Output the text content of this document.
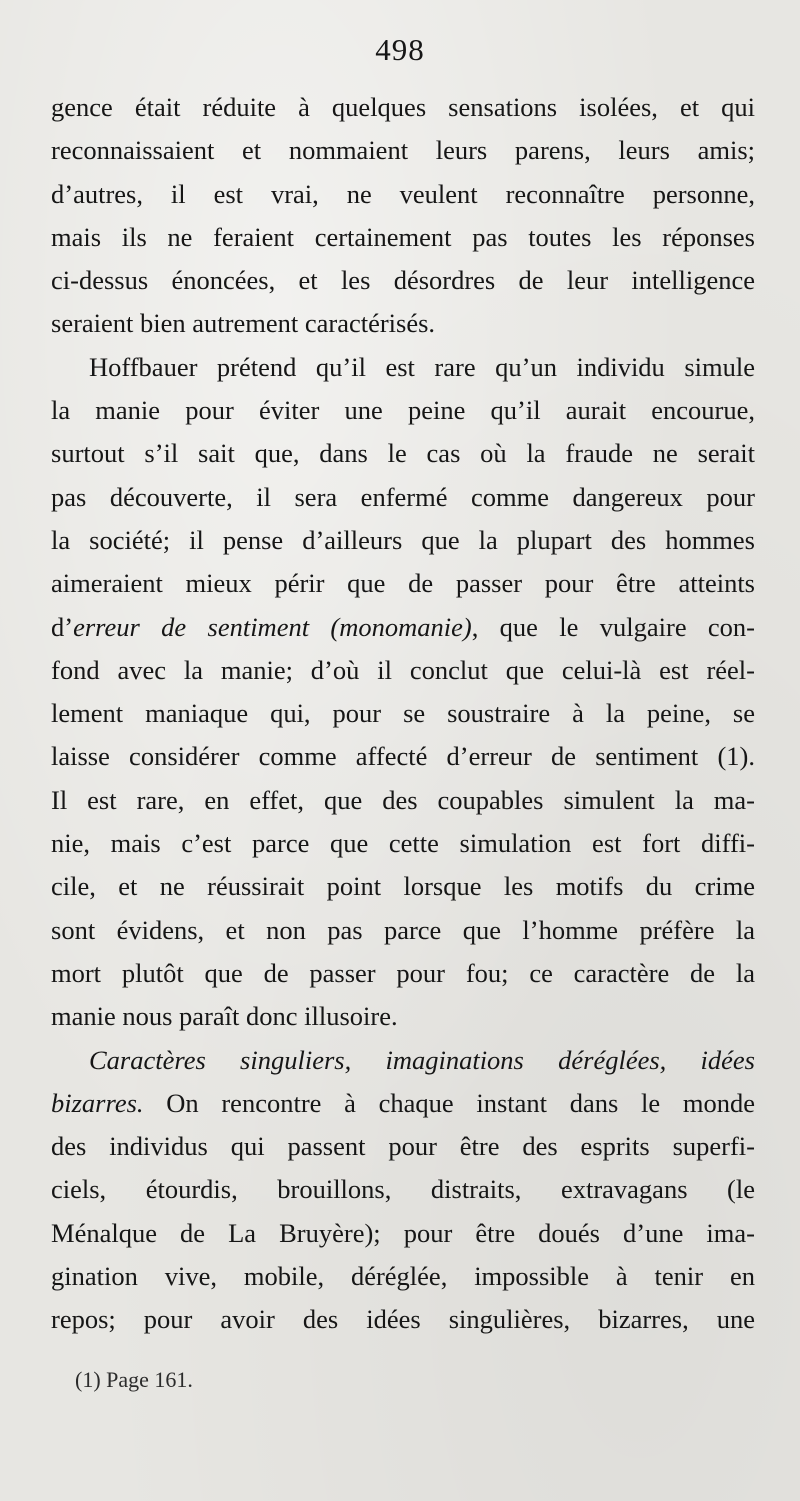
498
gence était réduite à quelques sensations isolées, et qui
reconnaissaient et nommaient leurs parens, leurs amis;
d’autres, il est vrai, ne veulent reconnaître personne,
mais ils ne feraient certainement pas toutes les réponses
ci-dessus énoncées, et les désordres de leur intelligence
seraient bien autrement caractérisés.
Hoffbauer prétend qu’il est rare qu’un individu simule
la manie pour éviter une peine qu’il aurait encourue,
surtout s’il sait que, dans le cas où la fraude ne serait
pas découverte, il sera enfermé comme dangereux pour
la société; il pense d’ailleurs que la plupart des hommes
aimeraient mieux périr que de passer pour être atteints
d’erreur de sentiment (monomanie), que le vulgaire con-
fond avec la manie; d’où il conclut que celui-là est réel-
lement maniaque qui, pour se soustraire à la peine, se
laisse considérer comme affecté d’erreur de sentiment (1).
Il est rare, en effet, que des coupables simulent la ma-
nie, mais c’est parce que cette simulation est fort diffi-
cile, et ne réussirait point lorsque les motifs du crime
sont évidens, et non pas parce que l’homme préfère la
mort plutôt que de passer pour fou; ce caractère de la
manie nous paraît donc illusoire.
Caractères singuliers, imaginations déréglées, idées
bizarres. On rencontre à chaque instant dans le monde
des individus qui passent pour être des esprits superfi-
ciels, étourdis, brouillons, distraits, extravagans (le
Ménalque de La Bruyère); pour être doués d’une ima-
gination vive, mobile, déréglée, impossible à tenir en
repos; pour avoir des idées singulières, bizarres, une
(1) Page 161.
